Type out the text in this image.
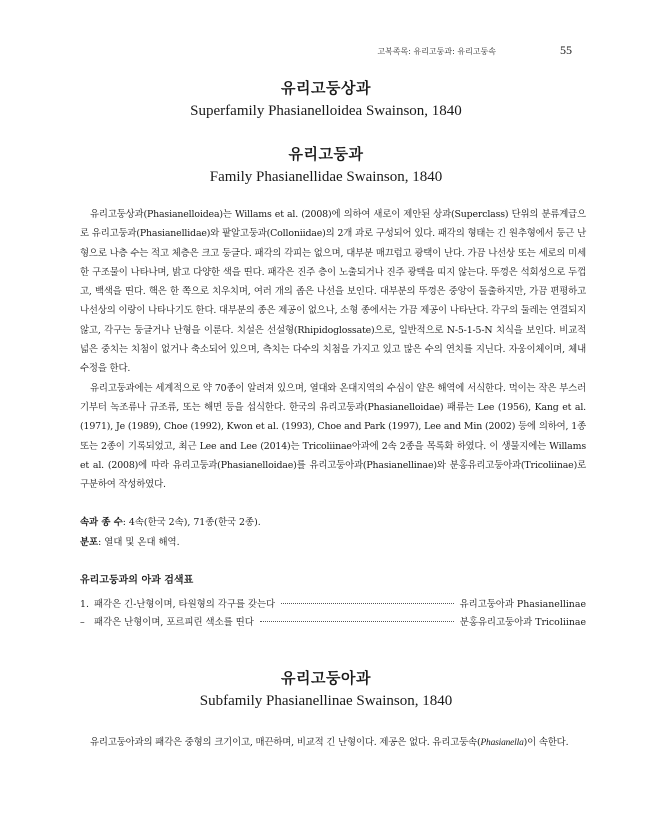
고복족목: 유리고둥과: 유리고둥속	55
유리고둥상과
Superfamily Phasianelloidea Swainson, 1840
유리고둥과
Family Phasianellidae Swainson, 1840

유리고둥상과(Phasianelloidea)는 Willams et al. (2008)에 의하여 새로이 제안된 상과(Superclass) 단위의 분류계급으로 유리고둥과(Phasianellidae)와 팥알고둥과(Colloniidae)의 2개 과로 구성되어 있다. 패각의 형태는 긴 원추형에서 둥근 난형으로 나층 수는 적고 체층은 크고 둥글다. 패각의 각피는 없으며, 대부분 매끄럽고 광택이 난다. 가끔 나선상 또는 세로의 미세한 구조물이 나타나며, 밝고 다양한 색을 띤다. 패각은 진주 층이 노출되거나 진주 광택을 띠지 않는다. 뚜껑은 석회성으로 두껍고, 백색을 띤다. 핵은 한 쪽으로 치우치며, 여러 개의 좁은 나선을 보인다. 대부분의 뚜껑은 중앙이 돌출하지만, 가끔 편평하고 나선상의 이랑이 나타나기도 한다. 대부분의 종은 제공이 없으나, 소형 종에서는 가끔 제공이 나타난다. 각구의 둘레는 연결되지 않고, 각구는 둥글거나 난형을 이룬다. 치설은 선설형(Rhipidoglossate)으로, 일반적으로 N-5-1-5-N 치식을 보인다. 비교적 넓은 중치는 치첨이 없거나 축소되어 있으며, 측치는 다수의 치첨을 가지고 있고 많은 수의 연치를 지닌다. 자웅이체이며, 체내수정을 한다.

유리고둥과에는 세계적으로 약 70종이 알려져 있으며, 열대와 온대지역의 수심이 얕은 해역에 서식한다. 먹이는 작은 부스러기부터 녹조류나 규조류, 또는 해면 등을 섭식한다. 한국의 유리고둥과(Phasianelloidae) 패류는 Lee (1956), Kang et al. (1971), Je (1989), Choe (1992), Kwon et al. (1993), Choe and Park (1997), Lee and Min (2002) 등에 의하여, 1종 또는 2종이 기록되었고, 최근 Lee and Lee (2014)는 Tricoliinae아과에 2속 2종을 목록화 하였다. 이 생물지에는 Willams et al. (2008)에 따라 유리고둥과(Phasianelloidae)를 유리고둥아과(Phasianellinae)와 분홍유리고둥아과(Tricoliinae)로 구분하여 작성하였다.

속과 종 수: 4속(한국 2속), 71종(한국 2종).
분포: 열대 및 온대 해역.
유리고둥과의 아과 검색표
1. 패각은 긴-난형이며, 타원형의 각구를 갖는다	유리고둥아과 Phasianellinae
– 패각은 난형이며, 포르피린 색소를 띤다	분홍유리고둥아과 Tricoliinae
유리고둥아과
Subfamily Phasianellinae Swainson, 1840

유리고둥아과의 패각은 중형의 크기이고, 매끈하며, 비교적 긴 난형이다. 제공은 없다. 유리고둥속(Phasianella)이 속한다.
